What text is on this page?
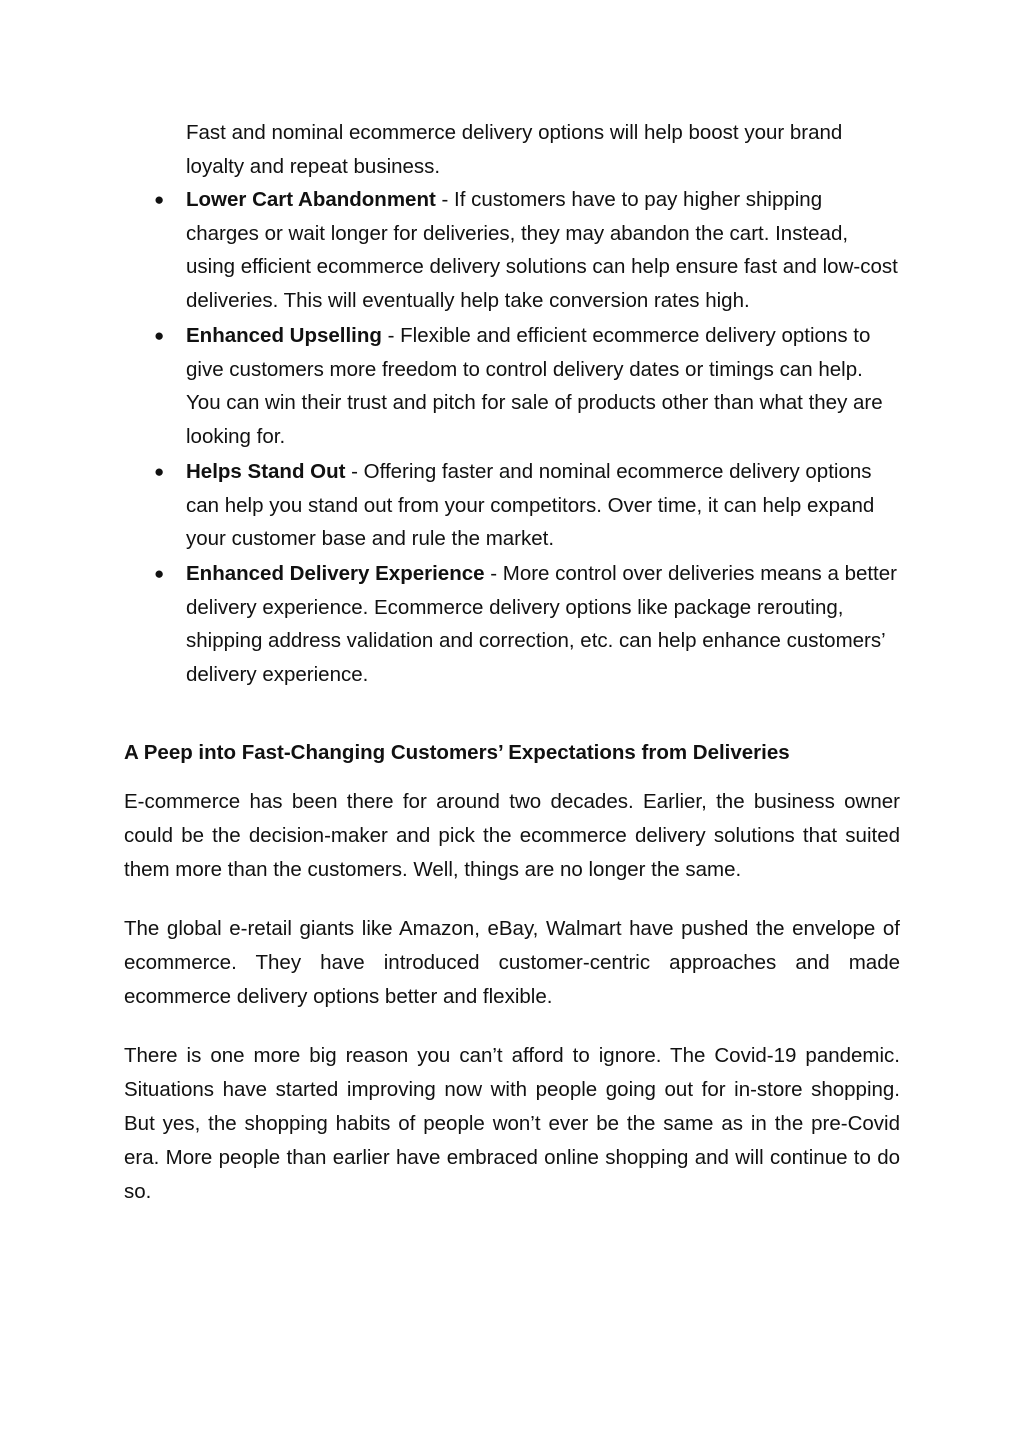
Fast and nominal ecommerce delivery options will help boost your brand loyalty and repeat business.

● Lower Cart Abandonment - If customers have to pay higher shipping charges or wait longer for deliveries, they may abandon the cart. Instead, using efficient ecommerce delivery solutions can help ensure fast and low-cost deliveries. This will eventually help take conversion rates high.
● Enhanced Upselling - Flexible and efficient ecommerce delivery options to give customers more freedom to control delivery dates or timings can help. You can win their trust and pitch for sale of products other than what they are looking for.
● Helps Stand Out - Offering faster and nominal ecommerce delivery options can help you stand out from your competitors. Over time, it can help expand your customer base and rule the market.
● Enhanced Delivery Experience - More control over deliveries means a better delivery experience. Ecommerce delivery options like package rerouting, shipping address validation and correction, etc. can help enhance customers’ delivery experience.
A Peep into Fast-Changing Customers’ Expectations from Deliveries

E-commerce has been there for around two decades. Earlier, the business owner could be the decision-maker and pick the ecommerce delivery solutions that suited them more than the customers. Well, things are no longer the same.

The global e-retail giants like Amazon, eBay, Walmart have pushed the envelope of ecommerce. They have introduced customer-centric approaches and made ecommerce delivery options better and flexible.

There is one more big reason you can’t afford to ignore. The Covid-19 pandemic. Situations have started improving now with people going out for in-store shopping. But yes, the shopping habits of people won’t ever be the same as in the pre-Covid era. More people than earlier have embraced online shopping and will continue to do so.
